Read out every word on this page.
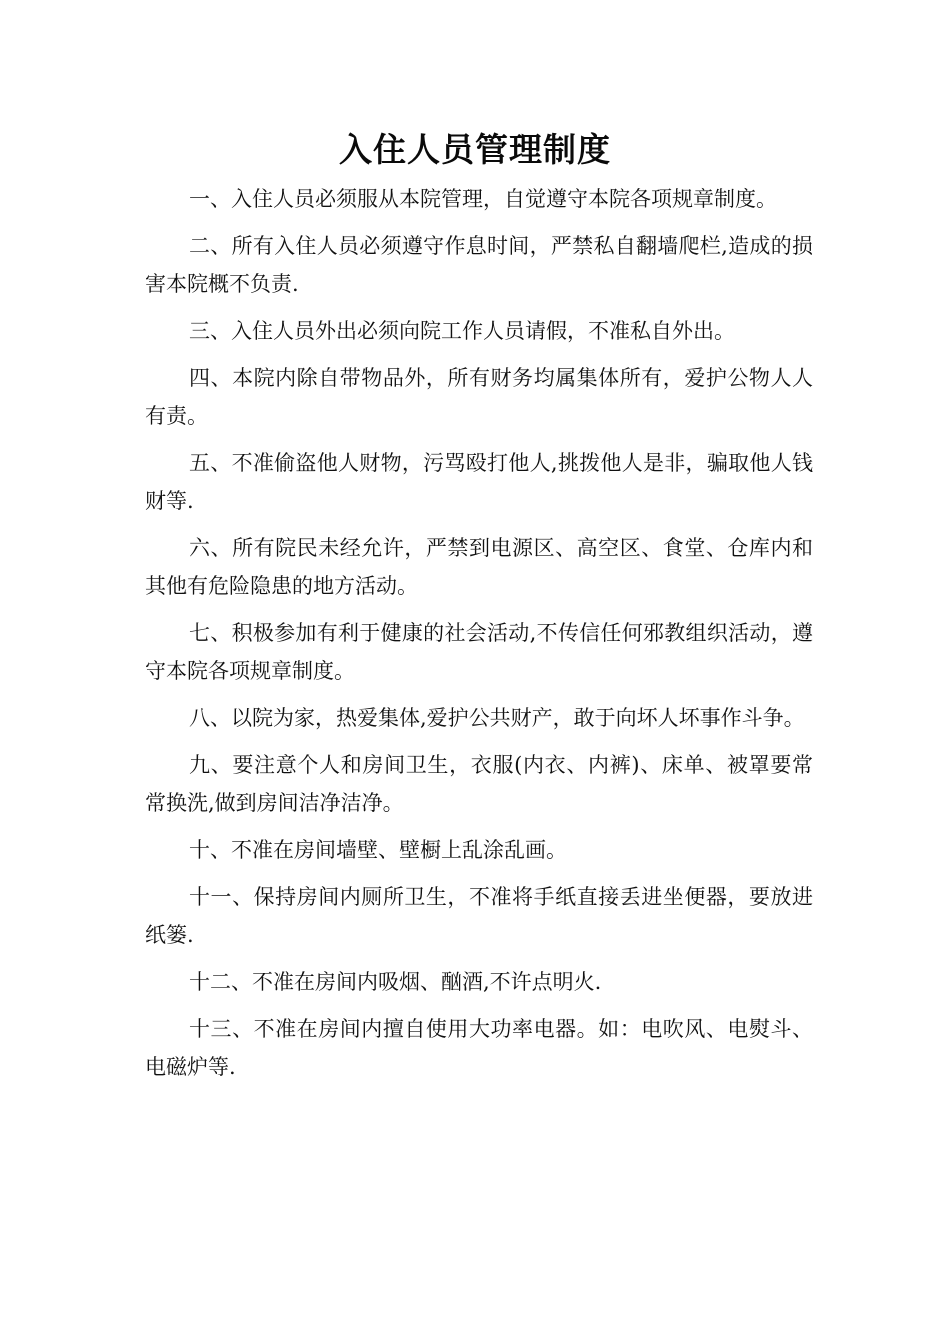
入住人员管理制度

一、入住人员必须服从本院管理，自觉遵守本院各项规章制度。

二、所有入住人员必须遵守作息时间，严禁私自翻墙爬栏,造成的损害本院概不负责.

三、入住人员外出必须向院工作人员请假，不准私自外出。

四、本院内除自带物品外，所有财务均属集体所有，爱护公物人人有责。

五、不准偷盗他人财物，污骂殴打他人,挑拨他人是非，骗取他人钱财等.

六、所有院民未经允许，严禁到电源区、高空区、食堂、仓库内和其他有危险隐患的地方活动。

七、积极参加有利于健康的社会活动,不传信任何邪教组织活动，遵守本院各项规章制度。

八、以院为家，热爱集体,爱护公共财产，敢于向坏人坏事作斗争。

九、要注意个人和房间卫生，衣服(内衣、内裤)、床单、被罩要常常换洗,做到房间洁净洁净。

十、不准在房间墙壁、壁橱上乱涂乱画。

十一、保持房间内厕所卫生，不准将手纸直接丢进坐便器，要放进纸篓.

十二、不准在房间内吸烟、酗酒,不许点明火.

十三、不准在房间内擅自使用大功率电器。如：电吹风、电熨斗、电磁炉等.
